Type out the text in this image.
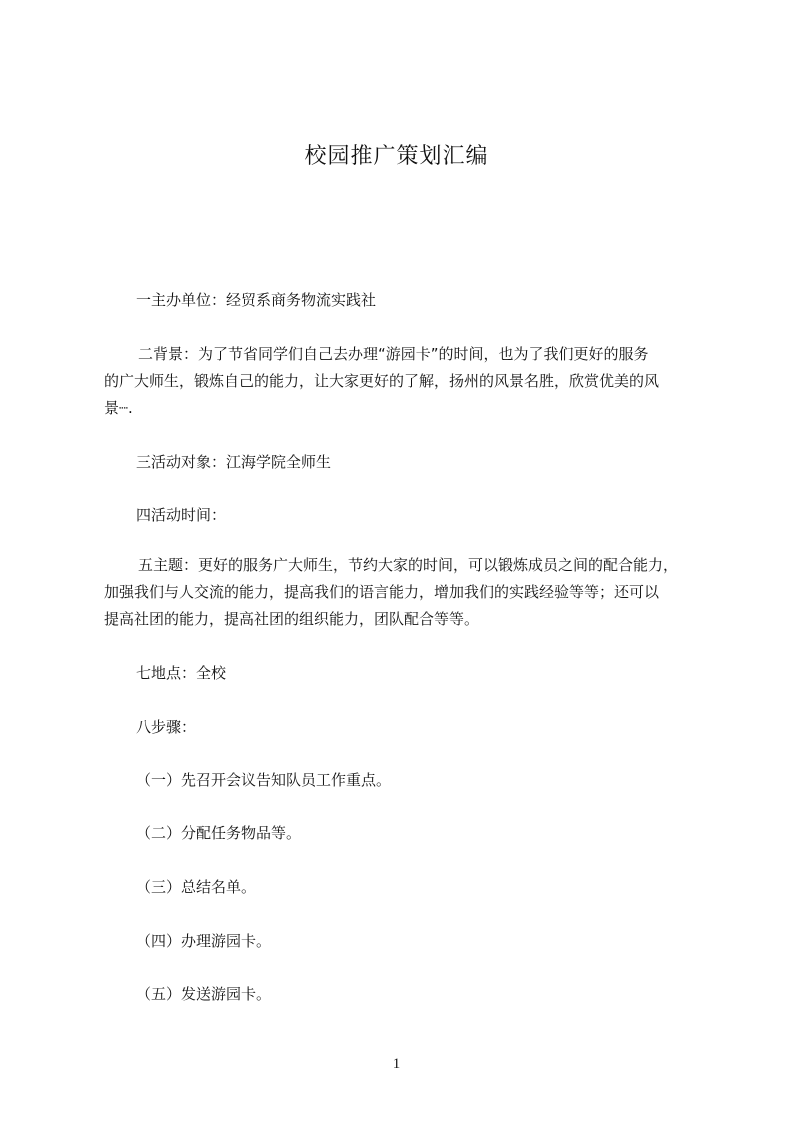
校园推广策划汇编

一主办单位：经贸系商务物流实践社

二背景：为了节省同学们自己去办理“游园卡”的时间，也为了我们更好的服务
的广大师生，锻炼自己的能力，让大家更好的了解，扬州的风景名胜，欣赏优美的风
景┈.

三活动对象：江海学院全师生

四活动时间：

五主题：更好的服务广大师生，节约大家的时间，可以锻炼成员之间的配合能力，
加强我们与人交流的能力，提高我们的语言能力，增加我们的实践经验等等；还可以
提高社团的能力，提高社团的组织能力，团队配合等等。

七地点：全校

八步骤：

（一）先召开会议告知队员工作重点。

（二）分配任务物品等。

（三）总结名单。

（四）办理游园卡。

（五）发送游园卡。

1
